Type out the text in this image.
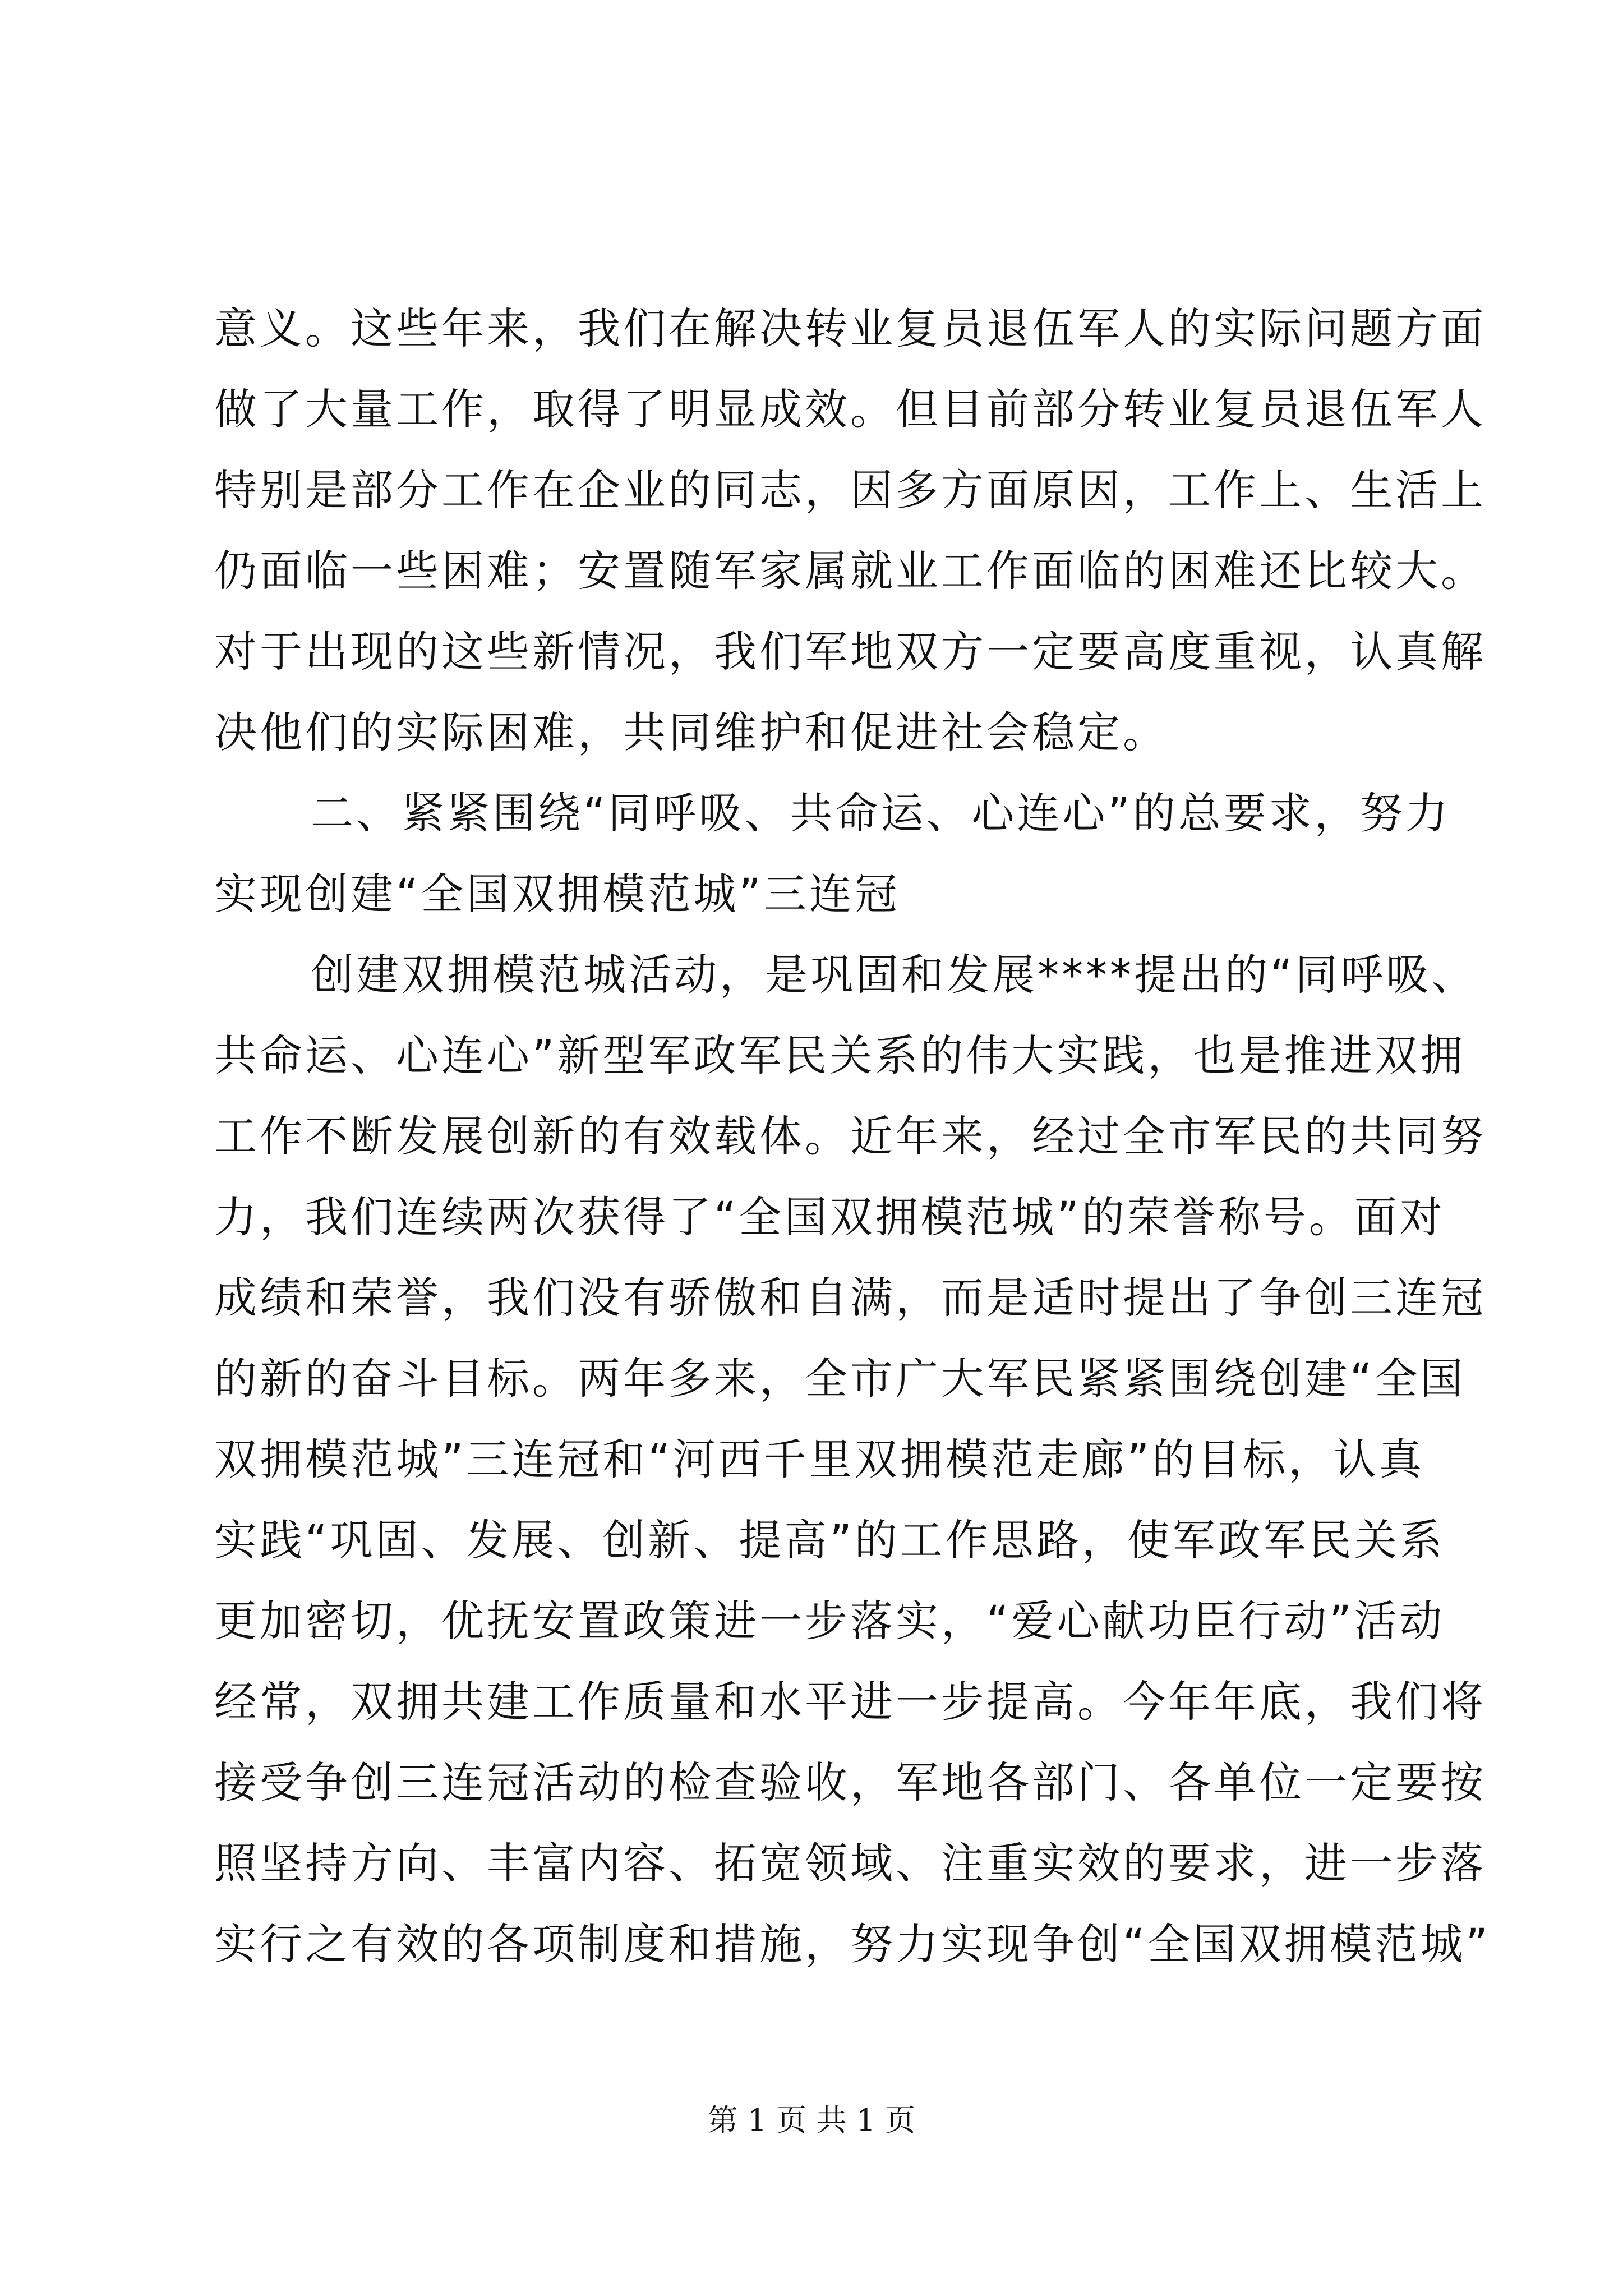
意义。这些年来，我们在解决转业复员退伍军人的实际问题方面
做了大量工作，取得了明显成效。但目前部分转业复员退伍军人
特别是部分工作在企业的同志，因多方面原因，工作上、生活上
仍面临一些困难；安置随军家属就业工作面临的困难还比较大。
对于出现的这些新情况，我们军地双方一定要高度重视，认真解
决他们的实际困难，共同维护和促进社会稳定。
二、紧紧围绕“同呼吸、共命运、心连心”的总要求，努力
实现创建“全国双拥模范城”三连冠
创建双拥模范城活动，是巩固和发展****提出的“同呼吸、
共命运、心连心”新型军政军民关系的伟大实践，也是推进双拥
工作不断发展创新的有效载体。近年来，经过全市军民的共同努
力，我们连续两次获得了“全国双拥模范城”的荣誉称号。面对
成绩和荣誉，我们没有骄傲和自满，而是适时提出了争创三连冠
的新的奋斗目标。两年多来，全市广大军民紧紧围绕创建“全国
双拥模范城”三连冠和“河西千里双拥模范走廊”的目标，认真
实践“巩固、发展、创新、提高”的工作思路，使军政军民关系
更加密切，优抚安置政策进一步落实，“爱心献功臣行动”活动
经常，双拥共建工作质量和水平进一步提高。今年年底，我们将
接受争创三连冠活动的检查验收，军地各部门、各单位一定要按
照坚持方向、丰富内容、拓宽领域、注重实效的要求，进一步落
实行之有效的各项制度和措施，努力实现争创“全国双拥模范城”
第 1 页 共 1 页
